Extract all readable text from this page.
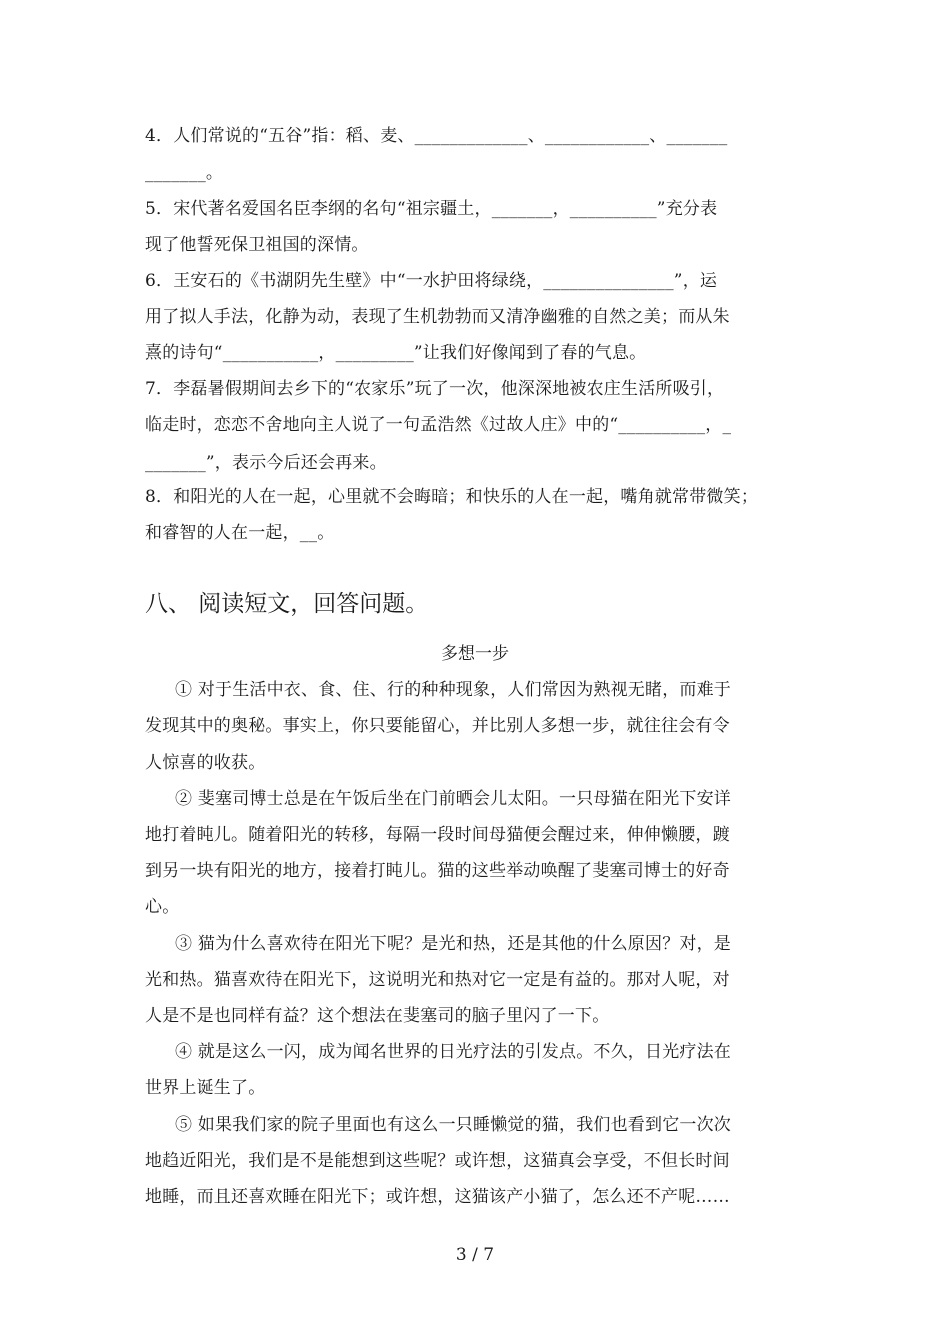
4．人们常说的“五谷”指：稻、麦、_____________、____________、_______
_______。
5．宋代著名爱国名臣李纲的名句“祖宗疆土，_______，__________”充分表
现了他誓死保卫祖国的深情。
6．王安石的《书湖阴先生壁》中“一水护田将绿绕，_______________”，运
用了拟人手法，化静为动，表现了生机勃勃而又清净幽雅的自然之美；而从朱
熹的诗句“___________，_________”让我们好像闻到了春的气息。
7．李磊暑假期间去乡下的“农家乐”玩了一次，他深深地被农庄生活所吸引，
临走时，恋恋不舍地向主人说了一句孟浩然《过故人庄》中的“__________，_
_______”，表示今后还会再来。
8．和阳光的人在一起，心里就不会晦暗；和快乐的人在一起，嘴角就常带微笑；
和睿智的人在一起，__。
八、 阅读短文，回答问题。
多想一步
① 对于生活中衣、食、住、行的种种现象，人们常因为熟视无睹，而难于
发现其中的奥秘。事实上，你只要能留心，并比别人多想一步，就往往会有令
人惊喜的收获。
② 斐塞司博士总是在午饭后坐在门前晒会儿太阳。一只母猫在阳光下安详
地打着盹儿。随着阳光的转移，每隔一段时间母猫便会醒过来，伸伸懒腰，踱
到另一块有阳光的地方，接着打盹儿。猫的这些举动唤醒了斐塞司博士的好奇
心。
③ 猫为什么喜欢待在阳光下呢？是光和热，还是其他的什么原因？对，是
光和热。猫喜欢待在阳光下，这说明光和热对它一定是有益的。那对人呢，对
人是不是也同样有益？这个想法在斐塞司的脑子里闪了一下。
④ 就是这么一闪，成为闻名世界的日光疗法的引发点。不久，日光疗法在
世界上诞生了。
⑤ 如果我们家的院子里面也有这么一只睡懒觉的猫，我们也看到它一次次
地趋近阳光，我们是不是能想到这些呢？或许想，这猫真会享受，不但长时间
地睡，而且还喜欢睡在阳光下；或许想，这猫该产小猫了，怎么还不产呢……
3 / 7
